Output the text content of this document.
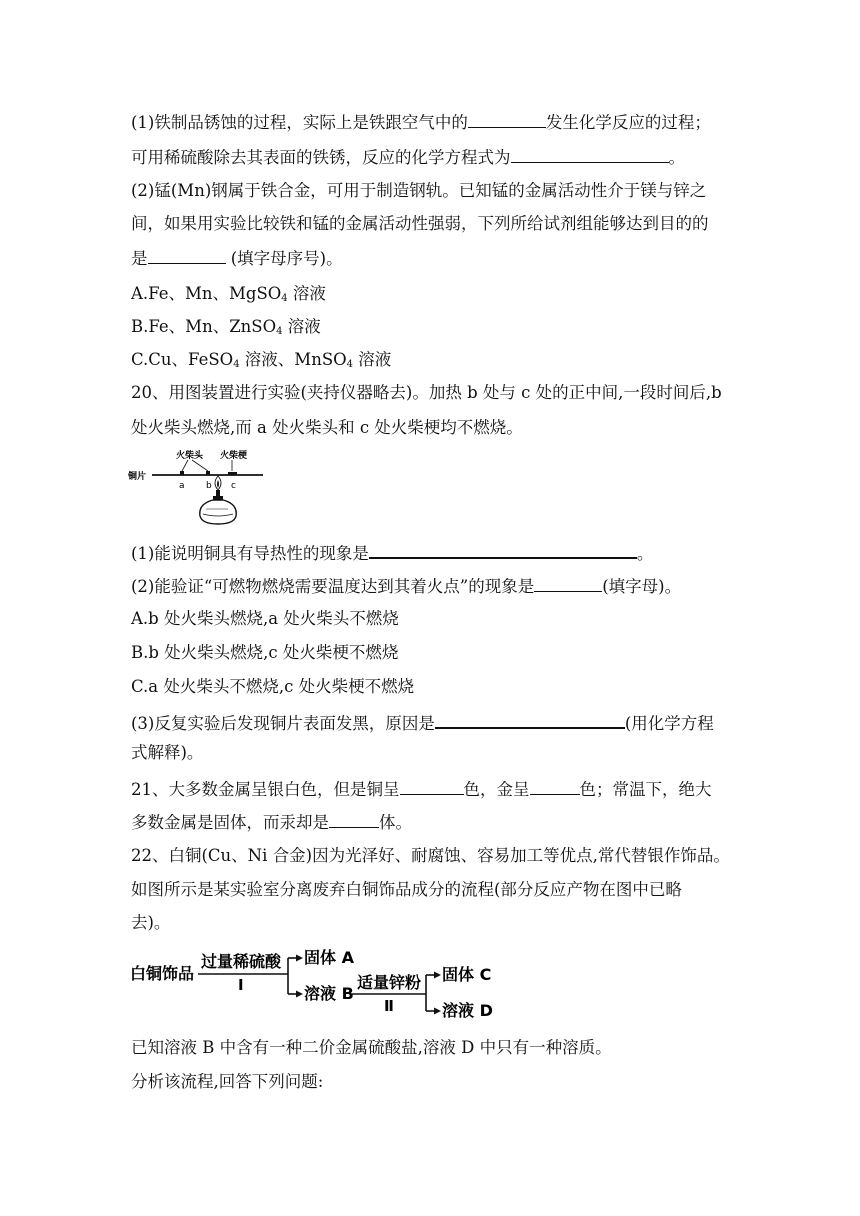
(1)铁制品锈蚀的过程，实际上是铁跟空气中的	发生化学反应的过程；
可用稀硫酸除去其表面的铁锈，反应的化学方程式为	。
(2)锰(Mn)钢属于铁合金，可用于制造钢轨。已知锰的金属活动性介于镁与锌之
间，如果用实验比较铁和锰的金属活动性强弱，下列所给试剂组能够达到目的的
是	(填字母序号)。
A.Fe、Mn、MgSO$_4$ 溶液
B.Fe、Mn、ZnSO$_4$ 溶液
C.Cu、FeSO$_4$ 溶液、MnSO$_4$ 溶液
20、用图装置进行实验(夹持仪器略去)。加热 b 处与 c 处的正中间,一段时间后,b
处火柴头燃烧,而 a 处火柴头和 c 处火柴梗均不燃烧。
火柴头 火柴梗
铜片
a b c
(1)能说明铜具有导热性的现象是	。
(2)能验证“可燃物燃烧需要温度达到其着火点”的现象是	(填字母)。
A.b 处火柴头燃烧,a 处火柴头不燃烧
B.b 处火柴头燃烧,c 处火柴梗不燃烧
C.a 处火柴头不燃烧,c 处火柴梗不燃烧
(3)反复实验后发现铜片表面发黑，原因是	(用化学方程
式解释)。
21、大多数金属呈银白色，但是铜呈	色，金呈	色；常温下，绝大
多数金属是固体，而汞却是	体。
22、白铜(Cu、Ni 合金)因为光泽好、耐腐蚀、容易加工等优点,常代替银作饰品。
如图所示是某实验室分离废弃白铜饰品成分的流程(部分反应产物在图中已略
去)。
白铜饰品
过量稀硫酸
Ⅰ
固体 A
溶液 B
适量锌粉
Ⅱ
固体 C
溶液 D
已知溶液 B 中含有一种二价金属硫酸盐,溶液 D 中只有一种溶质。
分析该流程,回答下列问题:
